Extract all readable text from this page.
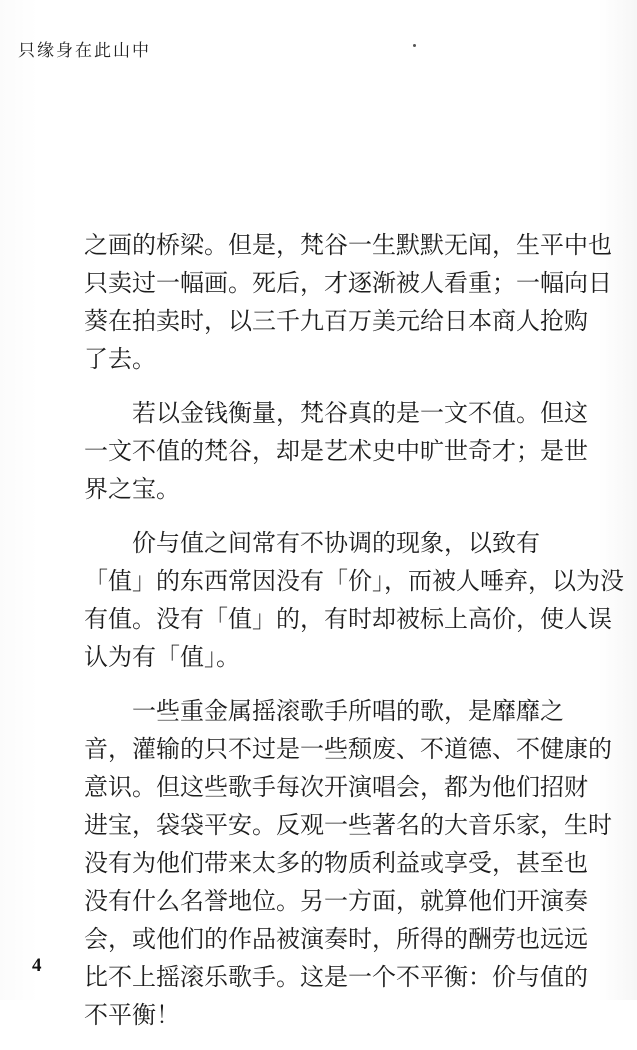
只缘身在此山中

之画的桥梁。但是，梵谷一生默默无闻，生平中也
只卖过一幅画。死后，才逐渐被人看重；一幅向日
葵在拍卖时，以三千九百万美元给日本商人抢购
了去。

　　若以金钱衡量，梵谷真的是一文不值。但这
一文不值的梵谷，却是艺术史中旷世奇才；是世
界之宝。

　　价与值之间常有不协调的现象，以致有
「值」的东西常因没有「价」，而被人唾弃，以为没
有值。没有「值」的，有时却被标上高价，使人误
认为有「值」。

　　一些重金属摇滚歌手所唱的歌，是靡靡之
音，灌输的只不过是一些颓废、不道德、不健康的
意识。但这些歌手每次开演唱会，都为他们招财
进宝，袋袋平安。反观一些著名的大音乐家，生时
没有为他们带来太多的物质利益或享受，甚至也
没有什么名誉地位。另一方面，就算他们开演奏
会，或他们的作品被演奏时，所得的酬劳也远远
比不上摇滚乐歌手。这是一个不平衡：价与值的
不平衡！

4
